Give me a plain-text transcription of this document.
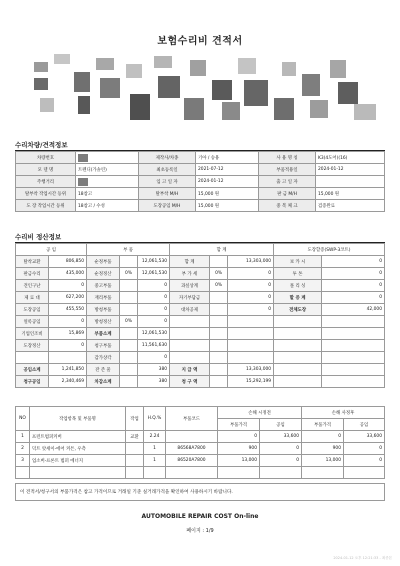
보험수리비 견적서
수리차량/견적정보
차량번호		제작사/차종	기아 / 승용	사 용 명 칭	K3(4도어)(16)
모 델 명	트렌디(가솔린)	최초등록일	2021-07-12	부품적용일	2024-01-12
주행거리		입 고 일 자	2024-01-12	출 고 일 자	
탈부착 작업시간 등위	18참고	탈부착 M/H	15,000 원	판 금 M/H	15,000 원
도 장 작업시간 등위	18참고 / 수성	도장공임 M/H	15,000 원	중 복 체 크	검증완료
수리비 정산정보
공 임		부 품			합 계			도장할증(SWP-3코트)	
탈착교환	806,850	순정부품		12,061,530	합 계		13,303,000	보 카 시	0
판금수리	435,000	순정정산	0%	12,061,530	부 가 세	0%	0	투 톤	0
견인구난	0	중고부품		0	과실상계	0%	0	폴 리 싱	0
제 료 대	627,200	재리부품		0	자기부담금		0	할 증 계	0
도장공임	455,550	방청부품		0	대차공제		0	전체도장	42,000
얼룩공임	0	방청정산	0%	0					
기업인조비	15,869	부품소계		12,061,530					
도장정산	0	청구부품		11,561,630					
		감가상각		0					
공임소계	1,241,850	잔 존 물		380	지 급 액		13,303,000		
청구공임	2,340,469	차감소계		380	청 구 액		15,292,199		
NO	작업항목 및 부품명	작업	H.Q.%	부품코드	손해 시정전		손해 사정후	
					부품가격	공임	부품가격	공임
1	프런트범퍼커버	교환	2.24		0	33,600	0	33,600
2	덕트 앗세이-에어 커튼, 우측		1	86568A7800	900	0	900	0
3	업소버-프론트 범퍼 에너지		1	86520A7800	13,000	0	13,000	0

이 견적서/청구서의 부품가격은 참고 가격이므로 거래일 기준 실거래가격을 확인하여 사용하시기 바랍니다.
AUTOMOBILE REPAIR COST On-line
페이지 : 1/9
2024-01-12 오후 12:21:33 - 최종본
